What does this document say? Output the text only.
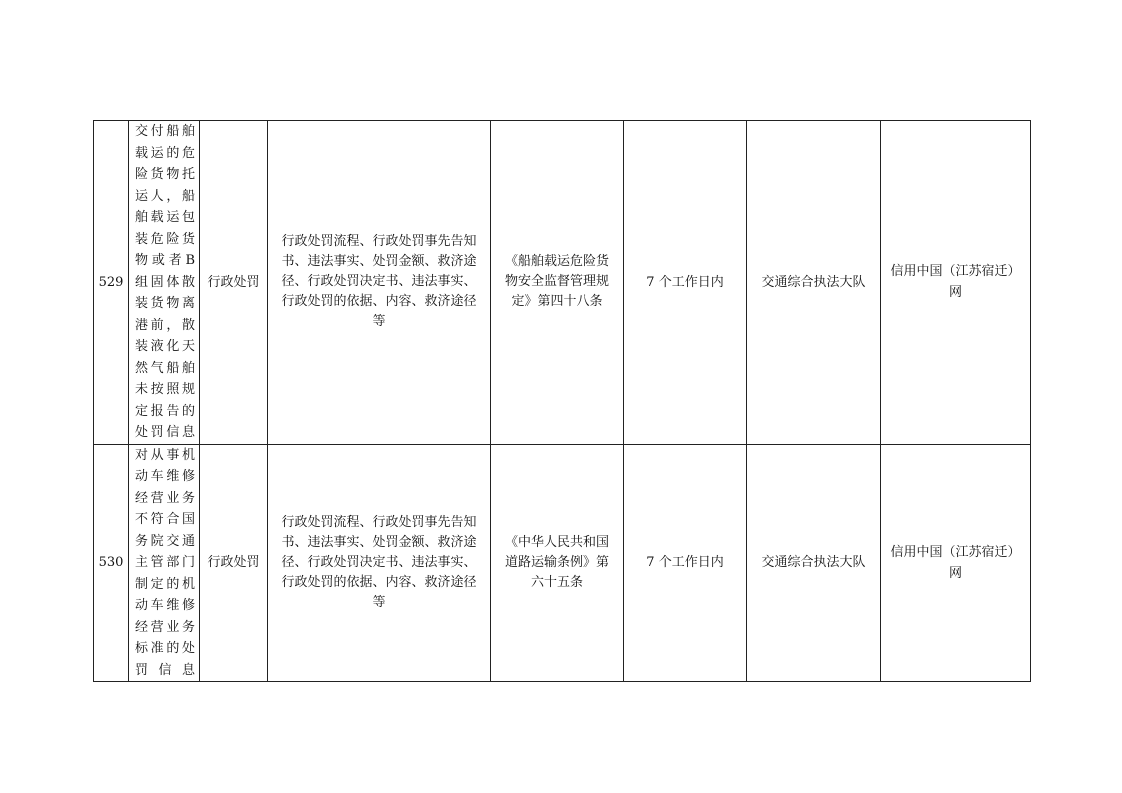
529	交付船舶载运的危险货物托运人，船舶载运包装危险货物或者B组固体散装货物离港前，散装液化天然气船舶未按照规定报告的处罚信息	行政处罚	行政处罚流程、行政处罚事先告知书、违法事实、处罚金额、救济途径、行政处罚决定书、违法事实、行政处罚的依据、内容、救济途径等	《船舶载运危险货物安全监督管理规定》第四十八条	7 个工作日内	交通综合执法大队	信用中国（江苏宿迁）网
530	对从事机动车维修经营业务不符合国务院交通主管部门制定的机动车维修经营业务标准的处罚信息	行政处罚	行政处罚流程、行政处罚事先告知书、违法事实、处罚金额、救济途径、行政处罚决定书、违法事实、行政处罚的依据、内容、救济途径等	《中华人民共和国道路运输条例》第六十五条	7 个工作日内	交通综合执法大队	信用中国（江苏宿迁）网
